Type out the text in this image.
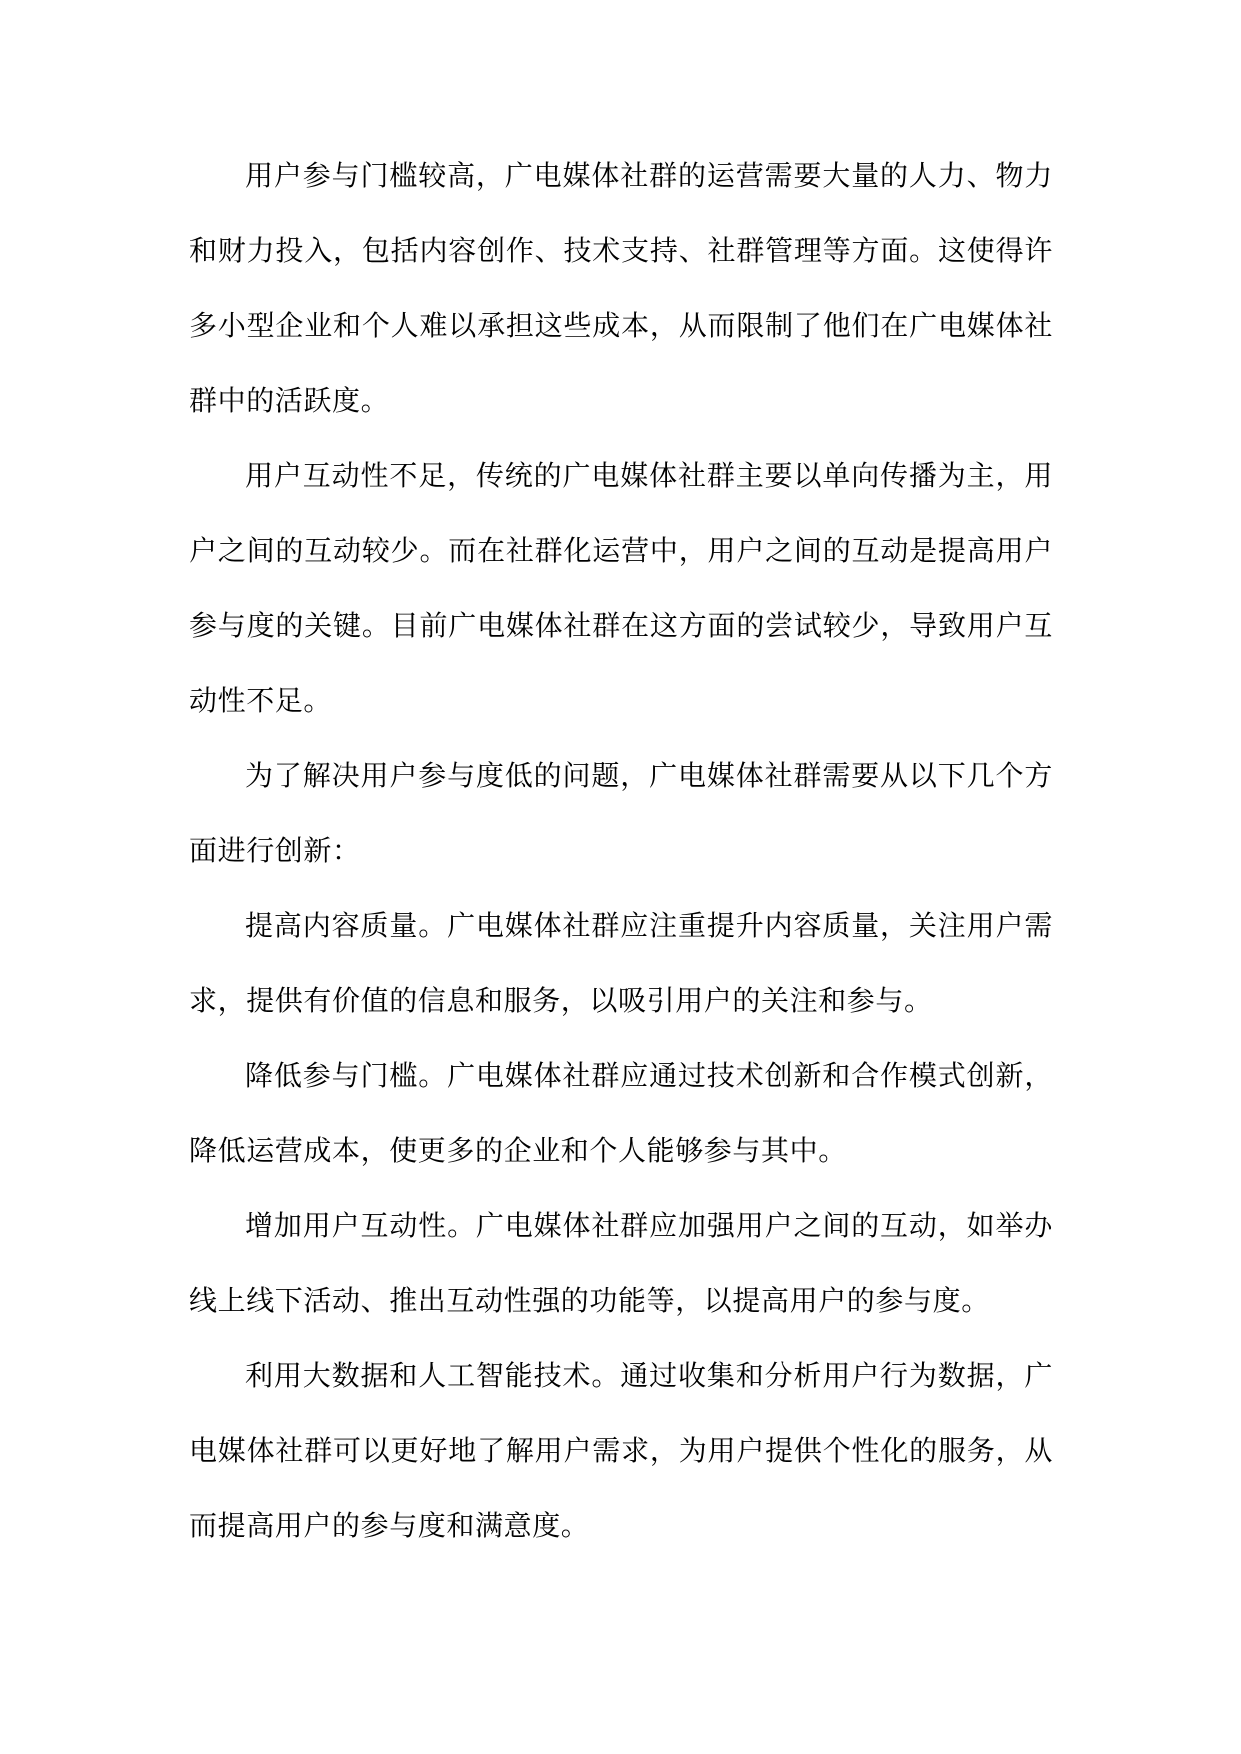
用户参与门槛较高，广电媒体社群的运营需要大量的人力、物力和财力投入，包括内容创作、技术支持、社群管理等方面。这使得许多小型企业和个人难以承担这些成本，从而限制了他们在广电媒体社群中的活跃度。

用户互动性不足，传统的广电媒体社群主要以单向传播为主，用户之间的互动较少。而在社群化运营中，用户之间的互动是提高用户参与度的关键。目前广电媒体社群在这方面的尝试较少，导致用户互动性不足。

为了解决用户参与度低的问题，广电媒体社群需要从以下几个方面进行创新：

提高内容质量。广电媒体社群应注重提升内容质量，关注用户需求，提供有价值的信息和服务，以吸引用户的关注和参与。

降低参与门槛。广电媒体社群应通过技术创新和合作模式创新，降低运营成本，使更多的企业和个人能够参与其中。

增加用户互动性。广电媒体社群应加强用户之间的互动，如举办线上线下活动、推出互动性强的功能等，以提高用户的参与度。

利用大数据和人工智能技术。通过收集和分析用户行为数据，广电媒体社群可以更好地了解用户需求，为用户提供个性化的服务，从而提高用户的参与度和满意度。
